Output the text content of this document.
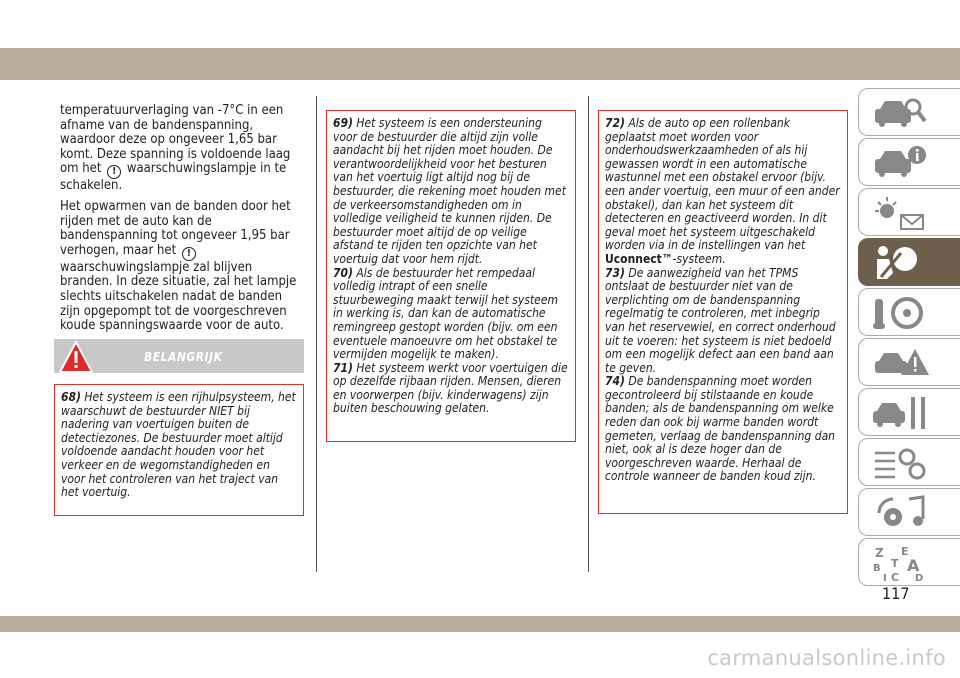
temperatuurverlaging van -7°C in een afname van de bandenspanning, waardoor deze op ongeveer 1,65 bar komt. Deze spanning is voldoende laag om het ! waarschuwingslampje in te schakelen.

Het opwarmen van de banden door het rijden met de auto kan de bandenspanning tot ongeveer 1,95 bar verhogen, maar het ! waarschuwingslampje zal blijven branden. In deze situatie, zal het lampje slechts uitschakelen nadat de banden zijn opgepompt tot de voorgeschreven koude spanningswaarde voor de auto.

BELANGRIJK
68) Het systeem is een rijhulpsysteem, het waarschuwt de bestuurder NIET bij nadering van voertuigen buiten de detectiezones. De bestuurder moet altijd voldoende aandacht houden voor het verkeer en de wegomstandigheden en voor het controleren van het traject van het voertuig.
69) Het systeem is een ondersteuning voor de bestuurder die altijd zijn volle aandacht bij het rijden moet houden. De verantwoordelijkheid voor het besturen van het voertuig ligt altijd nog bij de bestuurder, die rekening moet houden met de verkeersomstandigheden om in volledige veiligheid te kunnen rijden. De bestuurder moet altijd de op veilige afstand te rijden ten opzichte van het voertuig dat voor hem rijdt.
70) Als de bestuurder het rempedaal volledig intrapt of een snelle stuurbeweging maakt terwijl het systeem in werking is, dan kan de automatische remingreep gestopt worden (bijv. om een eventuele manoeuvre om het obstakel te vermijden mogelijk te maken).
71) Het systeem werkt voor voertuigen die op dezelfde rijbaan rijden. Mensen, dieren en voorwerpen (bijv. kinderwagens) zijn buiten beschouwing gelaten.
72) Als de auto op een rollenbank geplaatst moet worden voor onderhoudswerkzaamheden of als hij gewassen wordt in een automatische wastunnel met een obstakel ervoor (bijv. een ander voertuig, een muur of een ander obstakel), dan kan het systeem dit detecteren en geactiveerd worden. In dit geval moet het systeem uitgeschakeld worden via in de instellingen van het Uconnect™-systeem.
73) De aanwezigheid van het TPMS ontslaat de bestuurder niet van de verplichting om de bandenspanning regelmatig te controleren, met inbegrip van het reservewiel, en correct onderhoud uit te voeren: het systeem is niet bedoeld om een mogelijk defect aan een band aan te geven.
74) De bandenspanning moet worden gecontroleerd bij stilstaande en koude banden; als de bandenspanning om welke reden dan ook bij warme banden wordt gemeten, verlaag de bandenspanning dan niet, ook al is deze hoger dan de voorgeschreven waarde. Herhaal de controle wanneer de banden koud zijn.
Z E
B A
I C D
T
117
carmanualsonline.info
